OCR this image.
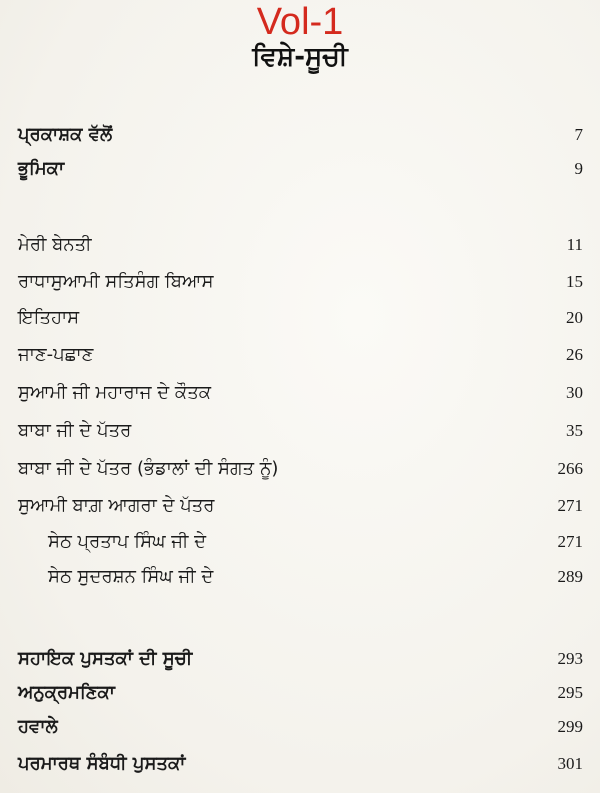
Vol-1
ਵਿਸ਼ੇ-ਸੂਚੀ
ਪ੍ਰਕਾਸ਼ਕ ਵੱਲੋਂ	7
ਭੂਮਿਕਾ	9
ਮੇਰੀ ਬੇਨਤੀ	11
ਰਾਧਾਸੁਆਮੀ ਸਤਿਸੰਗ ਬਿਆਸ	15
ਇਤਿਹਾਸ	20
ਜਾਣ-ਪਛਾਣ	26
ਸੁਆਮੀ ਜੀ ਮਹਾਰਾਜ ਦੇ ਕੌਤਕ	30
ਬਾਬਾ ਜੀ ਦੇ ਪੱਤਰ	35
ਬਾਬਾ ਜੀ ਦੇ ਪੱਤਰ (ਭੰਡਾਲਾਂ ਦੀ ਸੰਗਤ ਨੂੰ)	266
ਸੁਆਮੀ ਬਾਗ਼ ਆਗਰਾ ਦੇ ਪੱਤਰ	271
ਸੇਠ ਪ੍ਰਤਾਪ ਸਿੰਘ ਜੀ ਦੇ	271
ਸੇਠ ਸੁਦਰਸ਼ਨ ਸਿੰਘ ਜੀ ਦੇ	289
ਸਹਾਇਕ ਪੁਸਤਕਾਂ ਦੀ ਸੂਚੀ	293
ਅਨੁਕ੍ਰਮਣਿਕਾ	295
ਹਵਾਲੇ	299
ਪਰਮਾਰਥ ਸੰਬੰਧੀ ਪੁਸਤਕਾਂ	301
